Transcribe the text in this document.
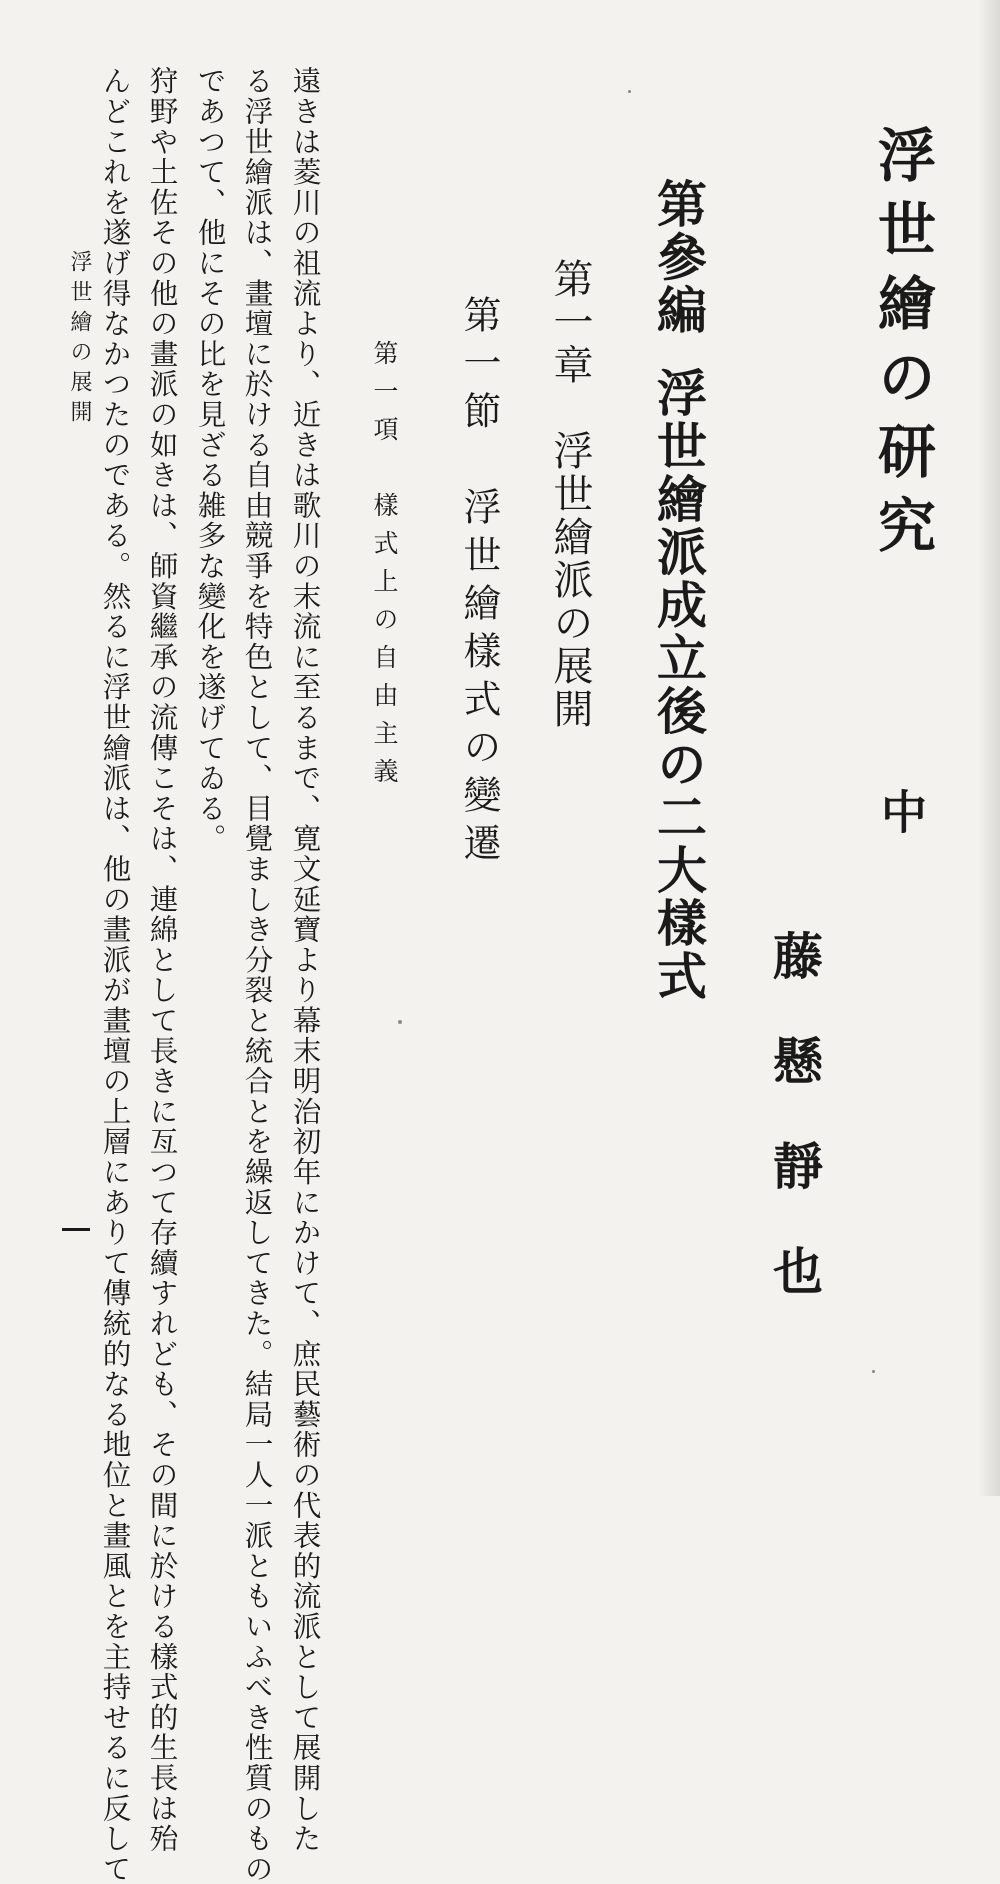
浮世繪の研究
中
藤懸靜也
第參編浮世繪派成立後の二大樣式
第一章　浮世繪派の展開
第一節　浮世繪樣式の變遷
第一項　樣式上の自由主義
遠きは菱川の祖流より、近きは歌川の末流に至るまで、寛文延寶より幕末明治初年にかけて、庶民藝術の代表的流派として展開した
る浮世繪派は、畫壇に於ける自由競爭を特色として、目覺ましき分裂と統合とを繰返してきた。結局一人一派ともいふべき性質のもの
であつて、他にその比を見ざる雑多な變化を遂げてゐる。
狩野や土佐その他の畫派の如きは、師資繼承の流傳こそは、連綿として長きに亙つて存續すれども、その間に於ける樣式的生長は殆
んどこれを遂げ得なかつたのである。然るに浮世繪派は、他の畫派が畫壇の上層にありて傳統的なる地位と畫風とを主持せるに反して
浮世繪の展開
